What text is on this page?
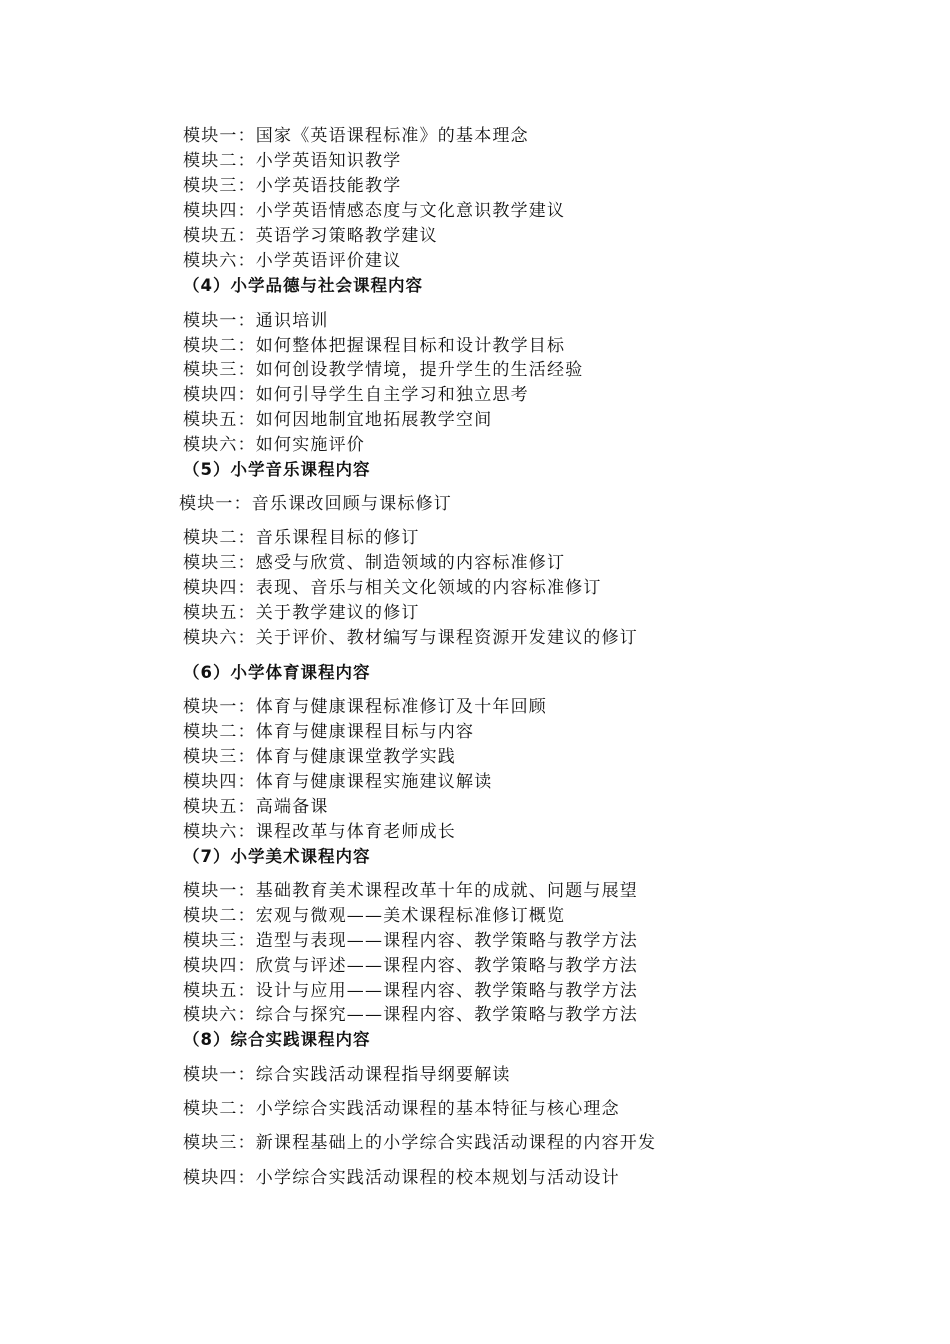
模块一：国家《英语课程标准》的基本理念
模块二：小学英语知识教学
模块三：小学英语技能教学
模块四：小学英语情感态度与文化意识教学建议
模块五：英语学习策略教学建议
模块六：小学英语评价建议
（4）小学品德与社会课程内容
模块一：通识培训
模块二：如何整体把握课程目标和设计教学目标
模块三：如何创设教学情境，提升学生的生活经验
模块四：如何引导学生自主学习和独立思考
模块五：如何因地制宜地拓展教学空间
模块六：如何实施评价
（5）小学音乐课程内容
模块一：音乐课改回顾与课标修订
模块二：音乐课程目标的修订
模块三：感受与欣赏、制造领域的内容标准修订
模块四：表现、音乐与相关文化领域的内容标准修订
模块五：关于教学建议的修订
模块六：关于评价、教材编写与课程资源开发建议的修订
（6）小学体育课程内容
模块一：体育与健康课程标准修订及十年回顾
模块二：体育与健康课程目标与内容
模块三：体育与健康课堂教学实践
模块四：体育与健康课程实施建议解读
模块五：高端备课
模块六：课程改革与体育老师成长
（7）小学美术课程内容
模块一：基础教育美术课程改革十年的成就、问题与展望
模块二：宏观与微观——美术课程标准修订概览
模块三：造型与表现——课程内容、教学策略与教学方法
模块四：欣赏与评述——课程内容、教学策略与教学方法
模块五：设计与应用——课程内容、教学策略与教学方法
模块六：综合与探究——课程内容、教学策略与教学方法
（8）综合实践课程内容
模块一：综合实践活动课程指导纲要解读
模块二：小学综合实践活动课程的基本特征与核心理念
模块三：新课程基础上的小学综合实践活动课程的内容开发
模块四：小学综合实践活动课程的校本规划与活动设计
